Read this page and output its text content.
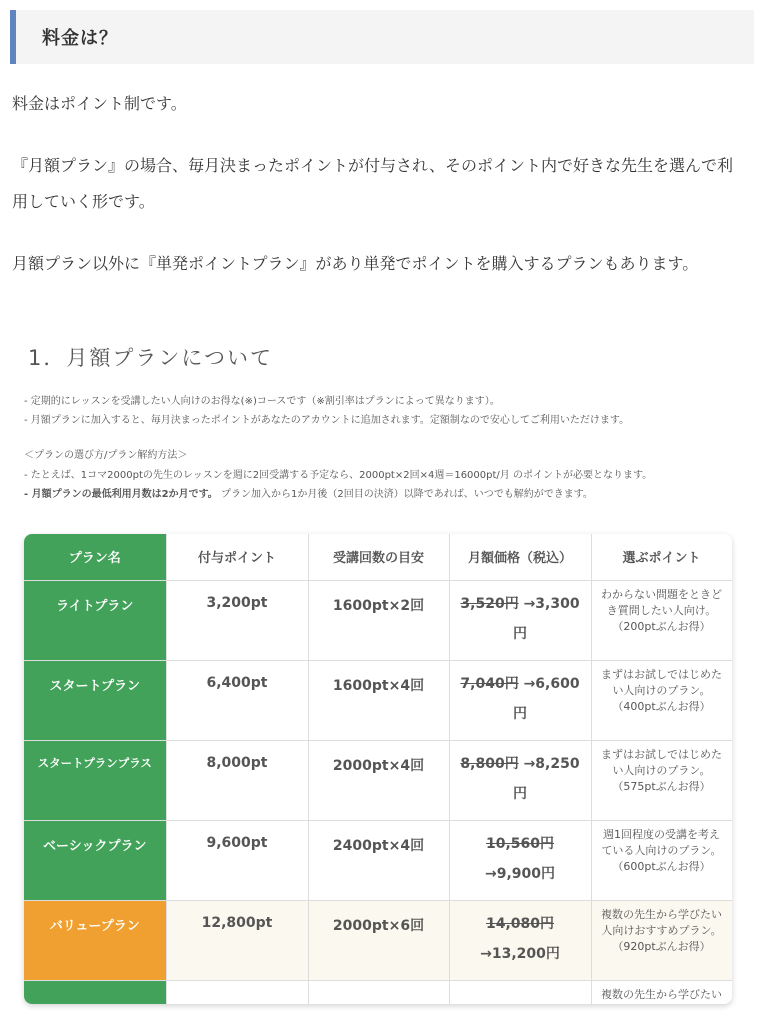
料金は？
料金はポイント制です。
『月額プラン』の場合、毎月決まったポイントが付与され、そのポイント内で好きな先生を選んで利用していく形です。
月額プラン以外に『単発ポイントプラン』があり単発でポイントを購入するプランもあります。
1．月額プランについて
- 定期的にレッスンを受講したい人向けのお得な(※)コースです（※割引率はプランによって異なります）。
- 月額プランに加入すると、毎月決まったポイントがあなたのアカウントに追加されます。定額制なので安心してご利用いただけます。
＜プランの選び方/プラン解約方法＞
- たとえば、1コマ2000ptの先生のレッスンを週に2回受講する予定なら、2000pt×2回×4週＝16000pt/月 のポイントが必要となります。
- 月額プランの最低利用月数は2か月です。 プラン加入から1か月後（2回目の決済）以降であれば、いつでも解約ができます。
プラン名	付与ポイント	受講回数の目安	月額価格（税込）	選ぶポイント
ライトプラン	3,200pt	1600pt×2回	3,520円 →3,300円	わからない問題をときど
き質問したい人向け。
（200ptぶんお得）

スタートプラン	6,400pt	1600pt×4回	7,040円 →6,600円	まずはお試しではじめた
い人向けのプラン。
（400ptぶんお得）

スタートプランプラス	8,000pt	2000pt×4回	8,800円 →8,250円	まずはお試しではじめた
い人向けのプラン。
（575ptぶんお得）

ベーシックプラン	9,600pt	2400pt×4回	10,560円 →9,900円	週1回程度の受講を考え
ている人向けのプラン。
（600ptぶんお得）

バリュープラン	12,800pt	2000pt×6回	14,080円 →13,200円	複数の先生から学びたい
人向けおすすめプラン。
（920ptぶんお得）

				複数の先生から学びたい
